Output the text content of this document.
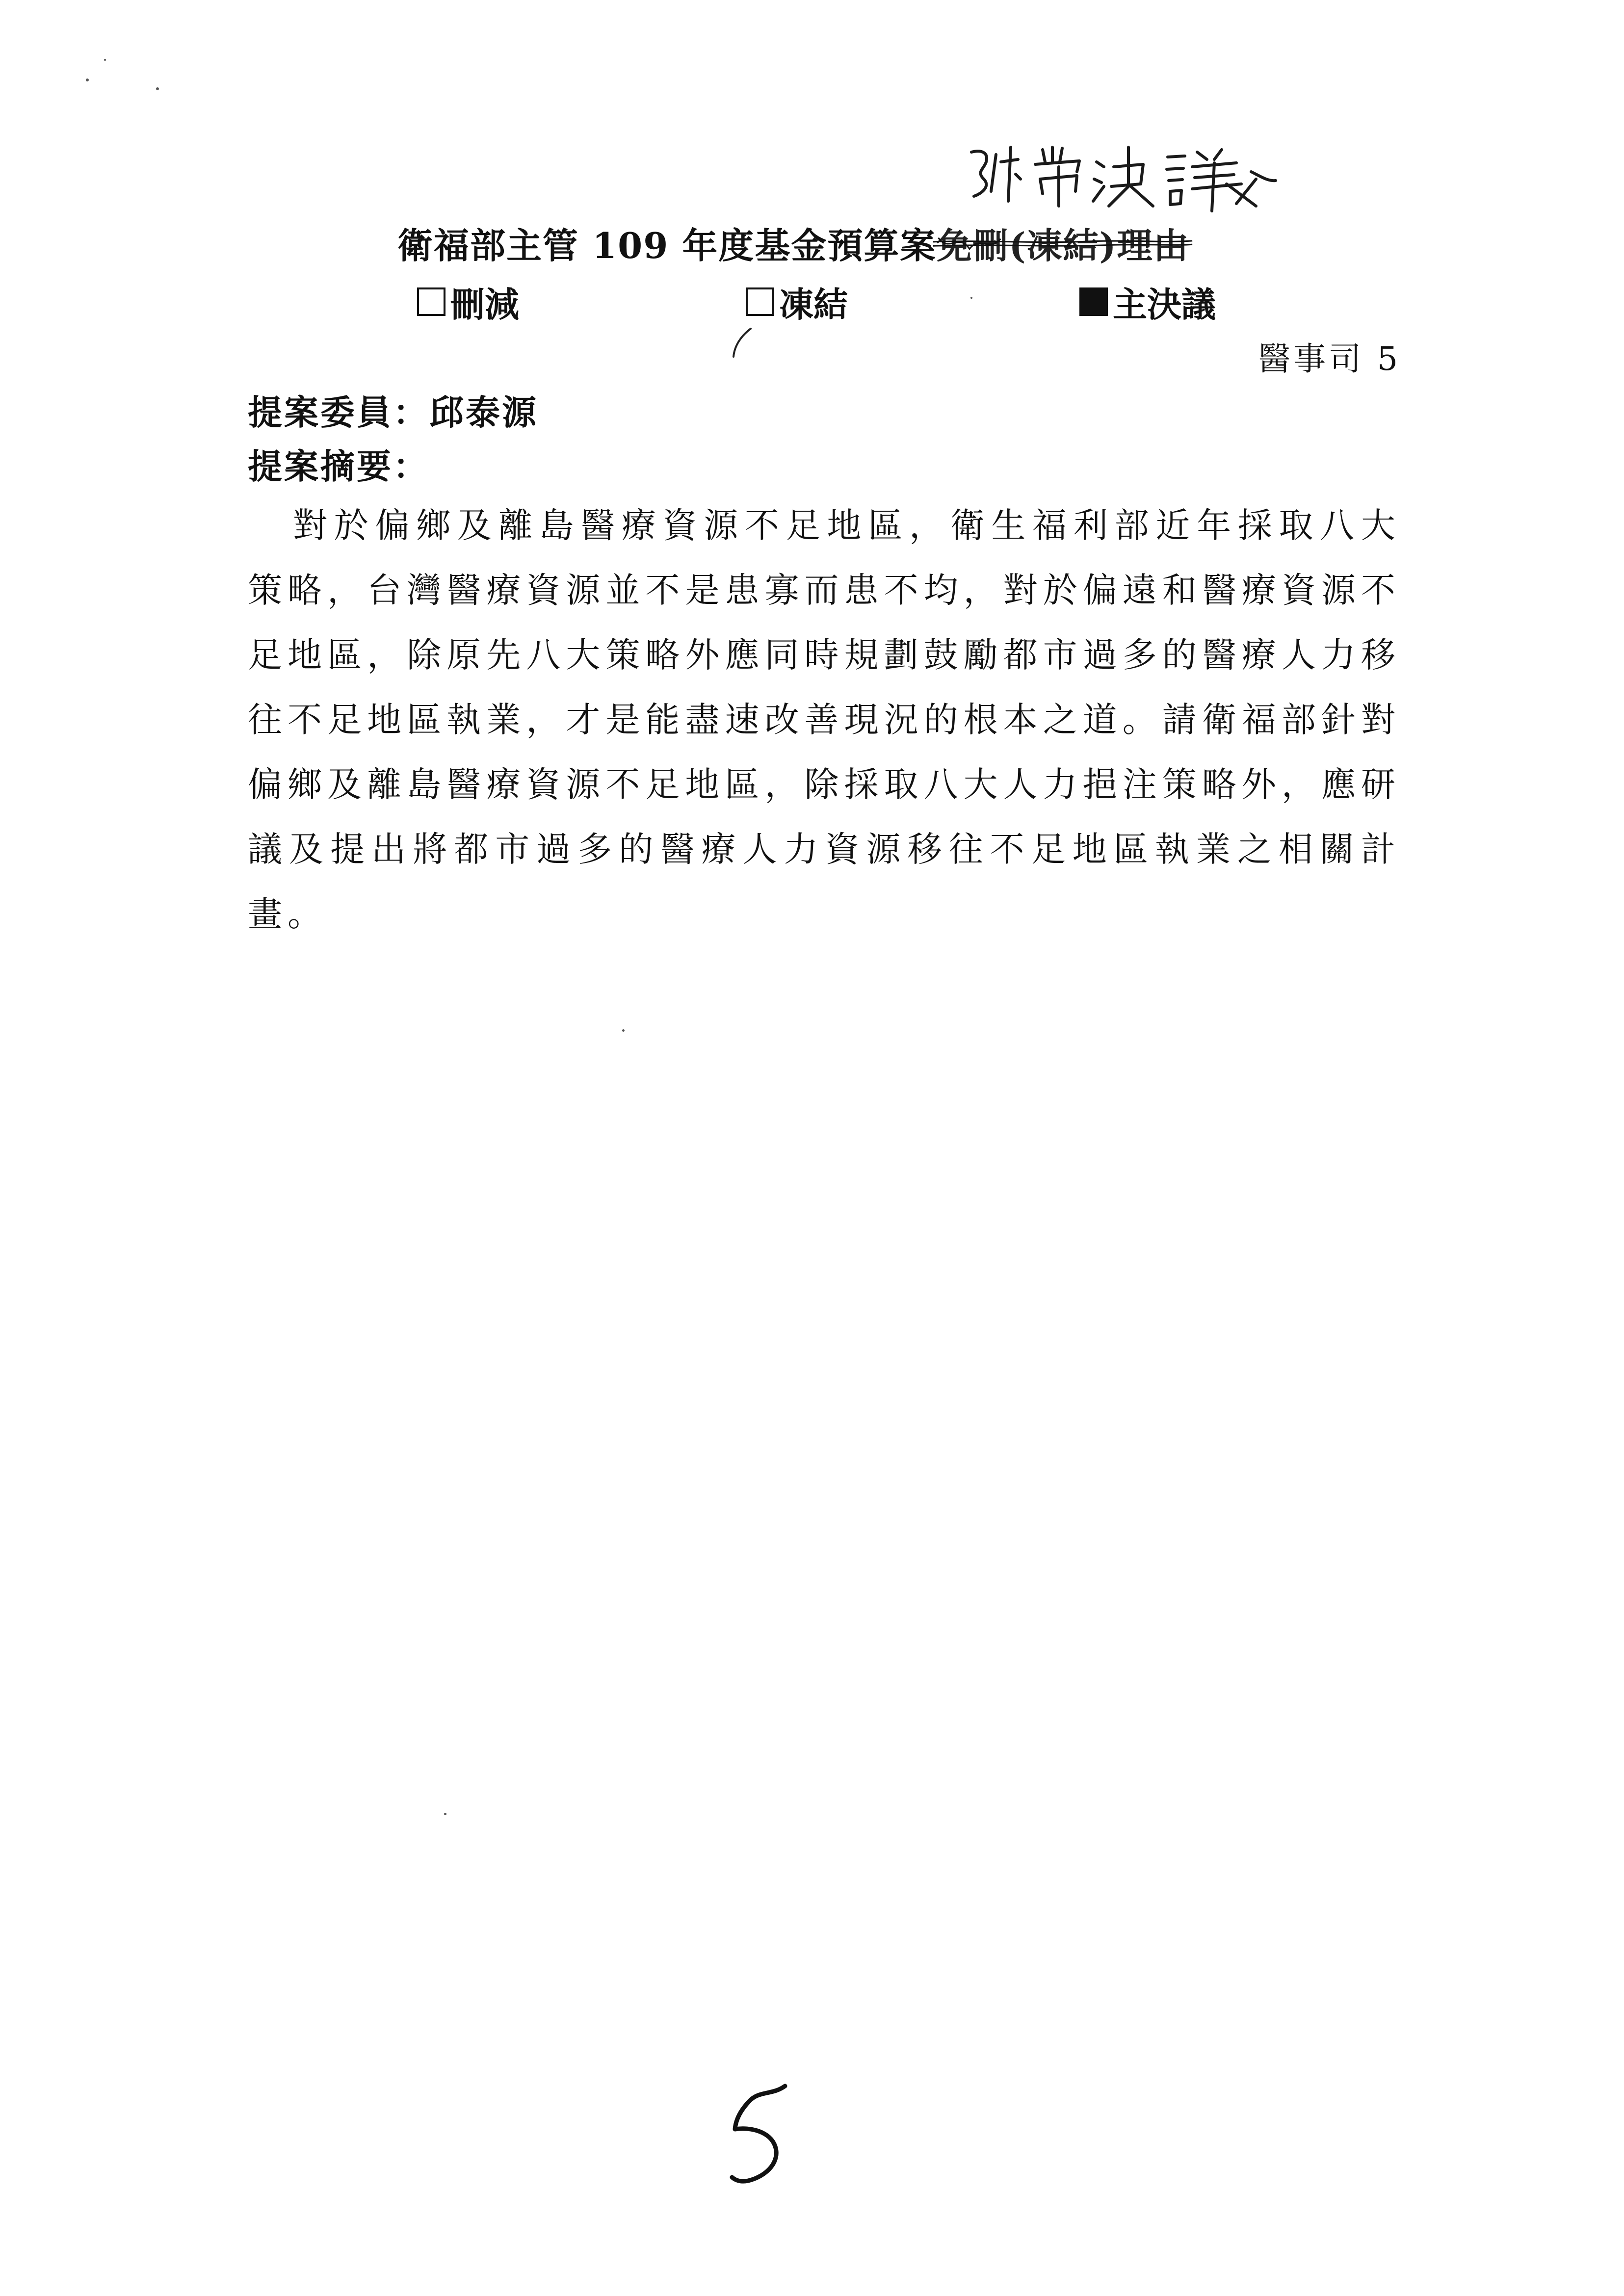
衛福部主管 109 年度基金預算案 免刪(凍結)理由
刪減	凍結	主決議
醫事司 5
提案委員： 邱泰源
提案摘要：

對於偏鄉及離島醫療資源不足地區，衛生福利部近年採取八大策略，台灣醫療資源並不是患寡而患不均，對於偏遠和醫療資源不足地區，除原先八大策略外應同時規劃鼓勵都市過多的醫療人力移往不足地區執業，才是能盡速改善現況的根本之道。請衛福部針對偏鄉及離島醫療資源不足地區，除採取八大人力挹注策略外，應研議及提出將都市過多的醫療人力資源移往不足地區執業之相關計畫。
